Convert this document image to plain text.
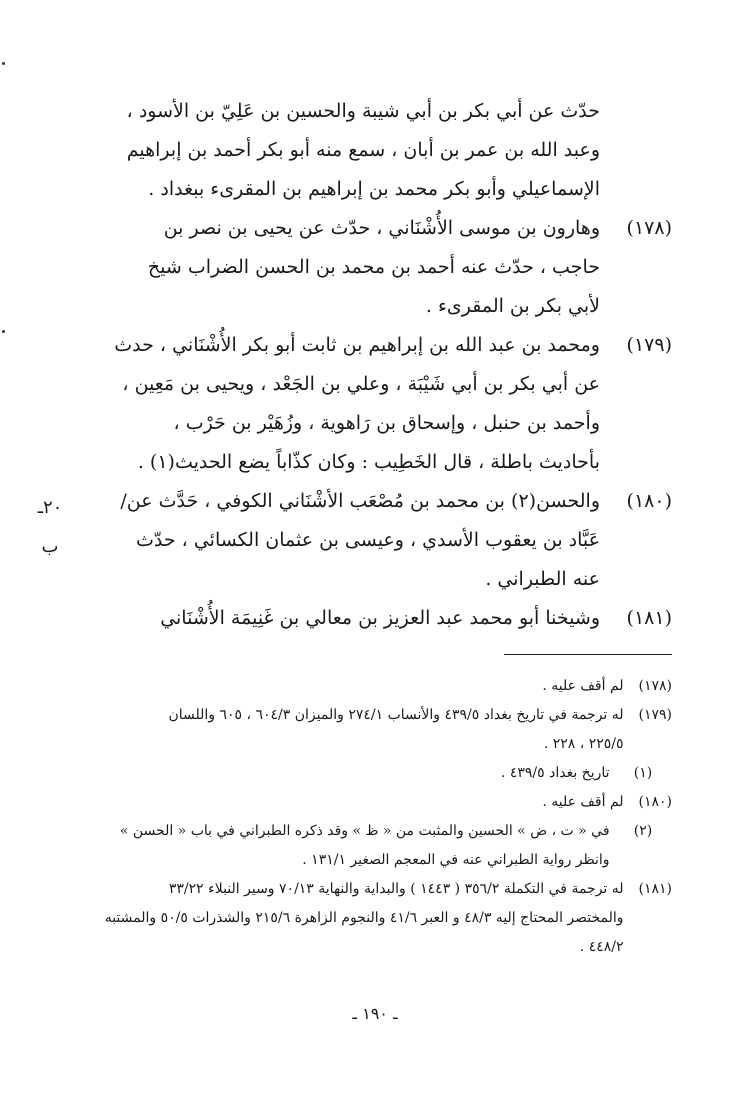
حدّث عن أبي بكر بن أبي شيبة والحسين بن عَلِيّ بن الأسود ،
وعبد الله بن عمر بن أبان ، سمع منه أبو بكر أحمد بن إبراهيم
الإسماعيلي وأبو بكر محمد بن إبراهيم بن المقرىء ببغداد .
(١٧٨)وهارون بن موسى الأُشْنَاني ، حدّث عن يحيى بن نصر بن
حاجب ، حدّث عنه أحمد بن محمد بن الحسن الضراب شيخ
لأبي بكر بن المقرىء .
(١٧٩)ومحمد بن عبد الله بن إبراهيم بن ثابت أبو بكر الأُشْنَاني ، حدث
عن أبي بكر بن أبي شَيْبَة ، وعلي بن الجَعْد ، ويحيى بن مَعِين ،
وأحمد بن حنبل ، وإسحاق بن رَاهوية ، وزُهَيْر بن حَرْب ،
بأحاديث باطلة ، قال الخَطِيب : وكان كذّاباً يضع الحديث(١) .
(١٨٠)والحسن(٢) بن محمد بن مُصْعَب الأشْنَاني الكوفي ، حَدَّث عن/
عَبَّاد بن يعقوب الأسدي ، وعيسى بن عثمان الكسائي ، حدّث
عنه الطبراني .
(١٨١)وشيخنا أبو محمد عبد العزيز بن معالي بن غَنِيمَة الأُشْنَاني
٢٠ـ ب
(١٧٨) لم أقف عليه .
(١٧٩) له ترجمة في تاريخ بغداد ٤٣٩/٥ والأنساب ٢٧٤/١ والميزان ٦٠٤/٣ ، ٦٠٥ واللسان
٢٢٥/٥ ، ٢٢٨ .
(١) تاريخ بغداد ٤٣٩/٥ .
(١٨٠) لم أقف عليه .
(٢) في « ت ، ض » الحسين والمثبت من « ظ » وقد ذكره الطبراني في باب « الحسن »
وانظر رواية الطبراني عنه في المعجم الصغير ١٣١/١ .
(١٨١) له ترجمة في التكملة ٣٥٦/٢ ( ١٤٤٣ ) والبداية والنهاية ٧٠/١٣ وسير النبلاء ٣٣/٢٢
والمختصر المحتاج إليه ٤٨/٣ و العبر ٤١/٦ والنجوم الزاهرة ٢١٥/٦ والشذرات ٥٠/٥ والمشتبه
٤٤٨/٢ .
ـ ١٩٠ ـ
